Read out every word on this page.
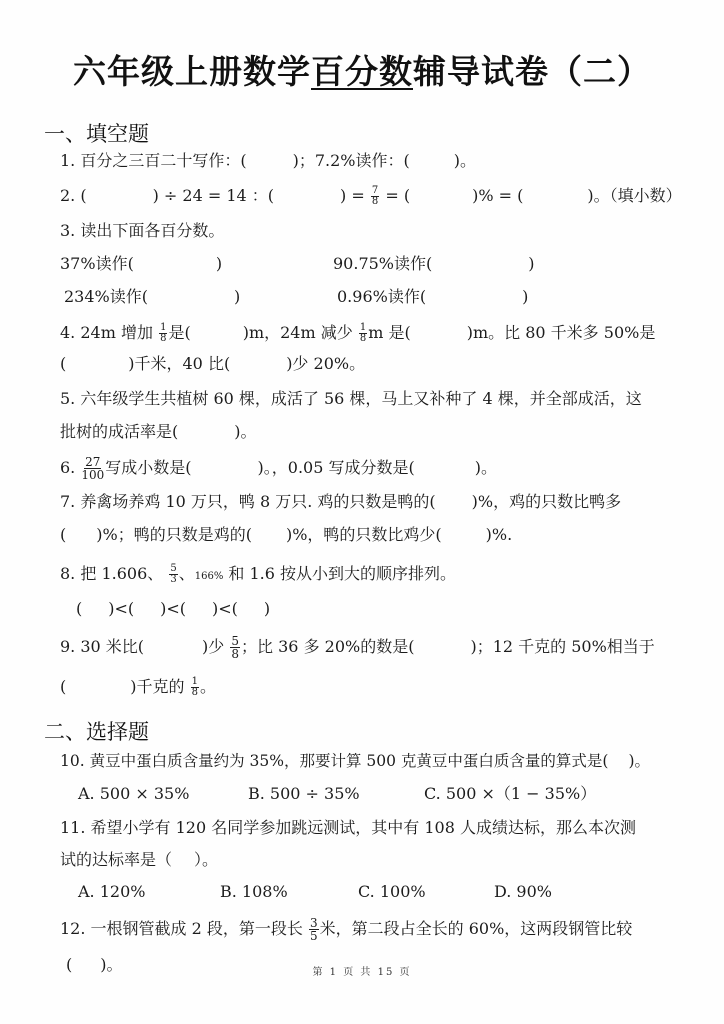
六年级上册数学百分数辅导试卷（二）
一、填空题
1. 百分之三百二十写作：(	)；7.2%读作：(	)。
2. (	) ÷ 24 = 14 ：(	) = $\frac{7}{8}$ = (	)% = (	)。（填小数）
3. 读出下面各百分数。
37%读作(	)	90.75%读作(	)
234%读作(	)	0.96%读作(	)
4. 24m 增加 $\frac{1}{8}$ 是(	)m，24m 减少 $\frac{1}{8}$ m 是(	)m。比 80 千米多 50%是
(	)千米，40 比(	)少 20%。
5. 六年级学生共植树 60 棵，成活了 56 棵，马上又补种了 4 棵，并全部成活，这
批树的成活率是(	)。
6. $\frac{27}{100}$ 写成小数是(	)。，0.05 写成分数是(	)。
7. 养禽场养鸡 10 万只，鸭 8 万只. 鸡的只数是鸭的( )%，鸡的只数比鸭多
( )%；鸭的只数是鸡的( )%，鸭的只数比鸡少(	)%.
8. 把 1.606、 $\frac{5}{3}$ 、166% 和 1.6 按从小到大的顺序排列。
( )<( )<( )<( )
9. 30 米比(	)少 $\frac{5}{8}$ ；比 36 多 20%的数是(	)；12 千克的 50%相当于
(	)千克的 $\frac{1}{8}$ 。
二、选择题
10. 黄豆中蛋白质含量约为 35%，那要计算 500 克黄豆中蛋白质含量的算式是( )。
A. 500 × 35%	B. 500 ÷ 35%	C. 500 ×（1 − 35%）
11. 希望小学有 120 名同学参加跳远测试，其中有 108 人成绩达标，那么本次测
试的达标率是（ ）。
A. 120%	B. 108%	C. 100%	D. 90%
12. 一根钢管截成 2 段，第一段长 $\frac{3}{5}$ 米，第二段占全长的 60%，这两段钢管比较
( )。	第 1 页 共 15 页
